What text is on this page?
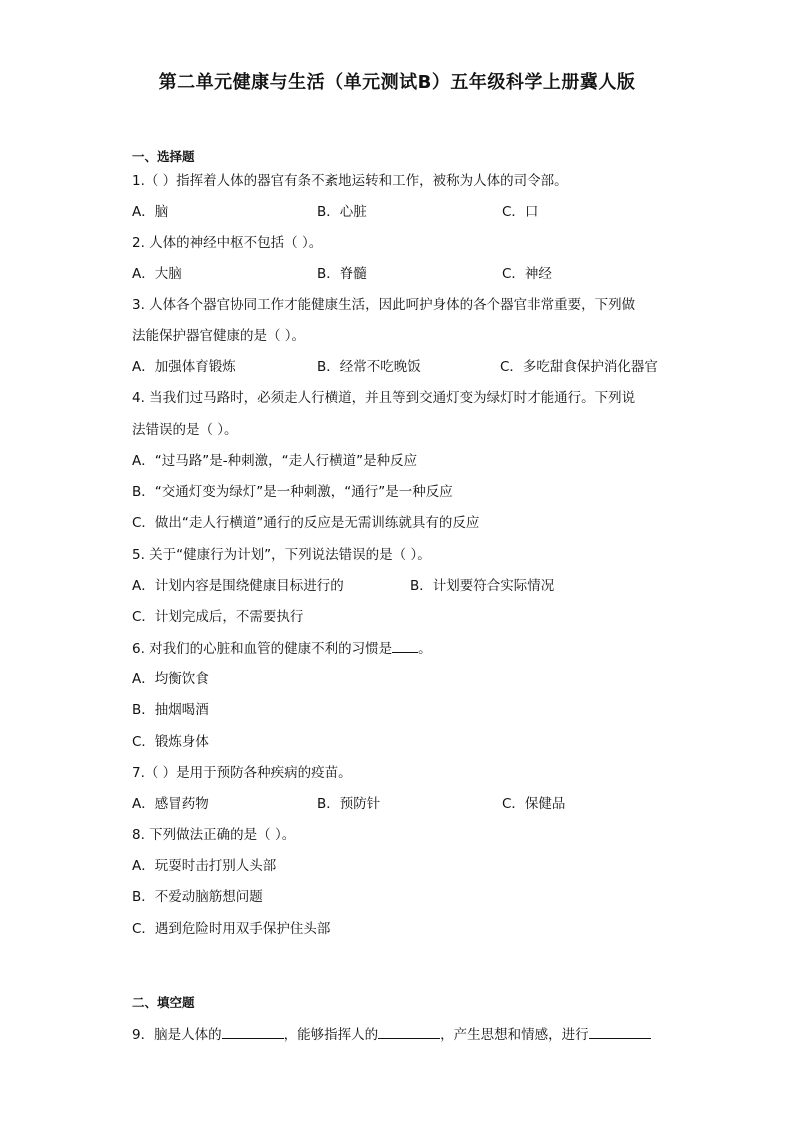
第二单元健康与生活（单元测试B）五年级科学上册冀人版
一、选择题
1.（ ）指挥着人体的器官有条不紊地运转和工作，被称为人体的司令部。
A．脑	B．心脏	C．口
2. 人体的神经中枢不包括（ ）。
A．大脑	B．脊髓	C．神经
3. 人体各个器官协同工作才能健康生活，因此呵护身体的各个器官非常重要，下列做
法能保护器官健康的是（ ）。
A．加强体育锻炼	B．经常不吃晚饭	C．多吃甜食保护消化器官
4. 当我们过马路时，必须走人行横道，并且等到交通灯变为绿灯时才能通行。下列说
法错误的是（ ）。
A．“过马路”是-种刺激，“走人行横道”是种反应
B．“交通灯变为绿灯”是一种刺激，“通行”是一种反应
C．做出“走人行横道”通行的反应是无需训练就具有的反应
5. 关于“健康行为计划”，下列说法错误的是（ ）。
A．计划内容是围绕健康目标进行的	B．计划要符合实际情况
C．计划完成后，不需要执行
6. 对我们的心脏和血管的健康不利的习惯是 。
A．均衡饮食
B．抽烟喝酒
C．锻炼身体
7.（ ）是用于预防各种疾病的疫苗。
A．感冒药物	B．预防针	C．保健品
8. 下列做法正确的是（ ）。
A．玩耍时击打别人头部
B．不爱动脑筋想问题
C．遇到危险时用双手保护住头部
二、填空题
9．脑是人体的	，能够指挥人的	，产生思想和情感，进行
